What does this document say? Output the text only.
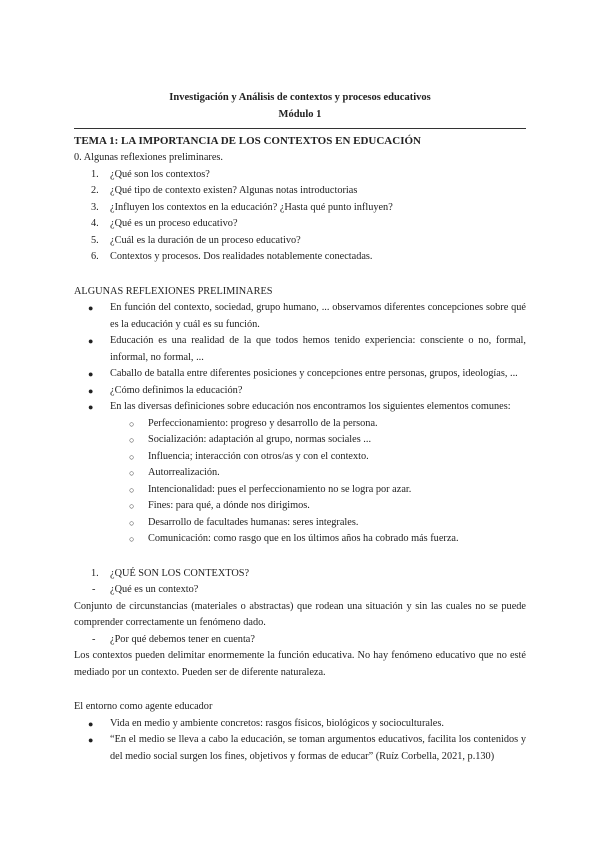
Investigación y Análisis de contextos y procesos educativos
Módulo 1
TEMA 1: LA IMPORTANCIA DE LOS CONTEXTOS EN EDUCACIÓN
0. Algunas reflexiones preliminares.
1. ¿Qué son los contextos?
2. ¿Qué tipo de contexto existen? Algunas notas introductorias
3. ¿Influyen los contextos en la educación? ¿Hasta qué punto influyen?
4. ¿Qué es un proceso educativo?
5. ¿Cuál es la duración de un proceso educativo?
6. Contextos y procesos. Dos realidades notablemente conectadas.
ALGUNAS REFLEXIONES PRELIMINARES
● En función del contexto, sociedad, grupo humano, ... observamos diferentes concepciones sobre qué es la educación y cuál es su función.
● Educación es una realidad de la que todos hemos tenido experiencia: consciente o no, formal, informal, no formal, ...
● Caballo de batalla entre diferentes posiciones y concepciones entre personas, grupos, ideologías, ...
● ¿Cómo definimos la educación?
● En las diversas definiciones sobre educación nos encontramos los siguientes elementos comunes:
○ Perfeccionamiento: progreso y desarrollo de la persona.
○ Socialización: adaptación al grupo, normas sociales ...
○ Influencia; interacción con otros/as y con el contexto.
○ Autorrealización.
○ Intencionalidad: pues el perfeccionamiento no se logra por azar.
○ Fines: para qué, a dónde nos dirigimos.
○ Desarrollo de facultades humanas: seres integrales.
○ Comunicación: como rasgo que en los últimos años ha cobrado más fuerza.
1. ¿QUÉ SON LOS CONTEXTOS?
- ¿Qué es un contexto?
Conjunto de circunstancias (materiales o abstractas) que rodean una situación y sin las cuales no se puede comprender correctamente un fenómeno dado.
- ¿Por qué debemos tener en cuenta?
Los contextos pueden delimitar enormemente la función educativa. No hay fenómeno educativo que no esté mediado por un contexto. Pueden ser de diferente naturaleza.
El entorno como agente educador
● Vida en medio y ambiente concretos: rasgos físicos, biológicos y socioculturales.
● “En el medio se lleva a cabo la educación, se toman argumentos educativos, facilita los contenidos y del medio social surgen los fines, objetivos y formas de educar” (Ruíz Corbella, 2021, p.130)
